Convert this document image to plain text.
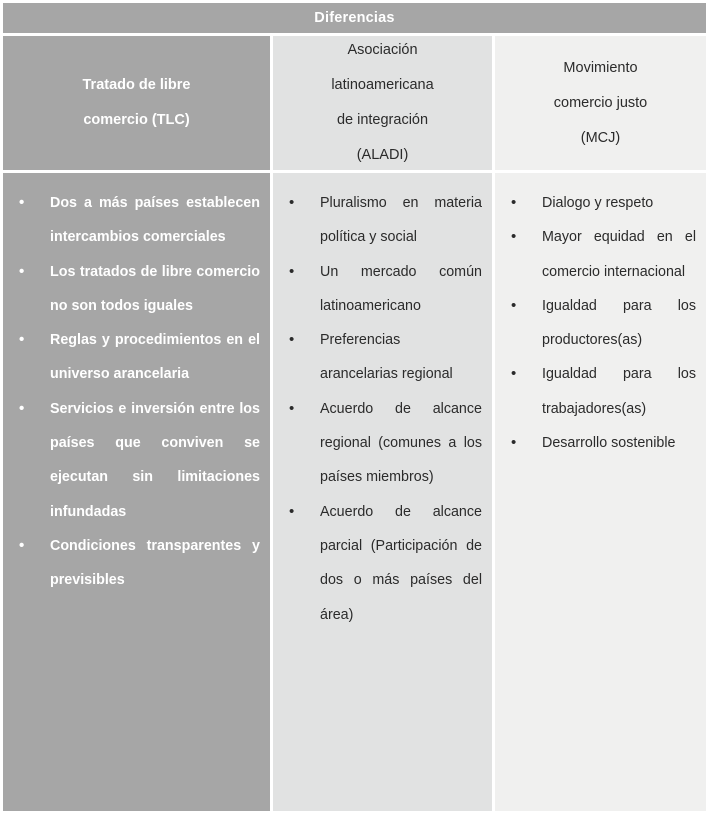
Diferencias
Tratado de libre
comercio (TLC)
Asociación
latinoamericana
de integración
(ALADI)
Movimiento
comercio justo
(MCJ)
• Dos a más países establecen intercambios comerciales
• Los tratados de libre comercio no son todos iguales
• Reglas y procedimientos en el universo arancelaria
• Servicios e inversión entre los países que conviven se ejecutan sin limitaciones infundadas
• Condiciones transparentes y previsibles
• Pluralismo en materia política y social
• Un mercado común latinoamericano
• Preferencias arancelarias regional
• Acuerdo de alcance regional (comunes a los países miembros)
• Acuerdo de alcance parcial (Participación de dos o más países del área)
• Dialogo y respeto
• Mayor equidad en el comercio internacional
• Igualdad para los productores(as)
• Igualdad para los trabajadores(as)
• Desarrollo sostenible
